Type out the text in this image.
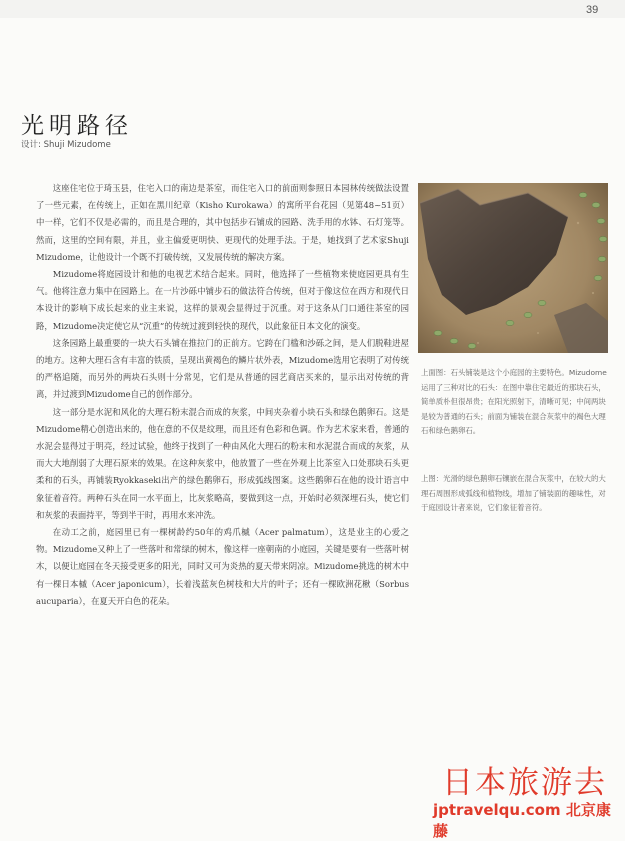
39
光明路径
设计: Shuji Mizudome

这座住宅位于琦玉县，住宅入口的南边是茶室，而住宅入口的前面则参照日本园林传统做法设置了一些元素，在传统上，正如在黑川纪章（Kisho Kurokawa）的寓所平台花园（见第48~51页）中一样，它们不仅是必需的，而且是合理的，其中包括步石铺成的园路、洗手用的水钵、石灯笼等。然而，这里的空间有限，并且，业主偏爱更明快、更现代的处理手法。于是，她找到了艺术家Shuji Mizudome，让他设计一个既不打破传统，又发展传统的解决方案。

Mizudome将庭园设计和他的电视艺术结合起来。同时，他选择了一些植物来使庭园更具有生气。他将注意力集中在园路上。在一片沙砾中铺步石的做法符合传统，但对于像这位在西方和现代日本设计的影响下成长起来的业主来说，这样的景观会显得过于沉重。对于这条从门口通往茶室的园路，Mizudome决定使它从“沉重”的传统过渡到轻快的现代，以此象征日本文化的演变。

这条园路上最重要的一块大石头铺在推拉门的正前方。它跨在门槛和沙砾之间，是人们脱鞋进屋的地方。这种大理石含有丰富的铁质，呈现出黄褐色的鳞片状外表，Mizudome选用它表明了对传统的严格追随，而另外的两块石头则十分常见，它们是从普通的园艺商店买来的，显示出对传统的背离，并过渡到Mizudome自己的创作部分。

这一部分是水泥和风化的大理石粉末混合而成的灰浆，中间夹杂着小块石头和绿色鹅卵石。这是Mizudome精心创造出来的，他在意的不仅是纹理，而且还有色彩和色调。作为艺术家来看，普通的水泥会显得过于明亮，经过试验，他终于找到了一种由风化大理石的粉末和水泥混合而成的灰浆，从而大大地削弱了大理石原来的效果。在这种灰浆中，他放置了一些在外观上比茶室入口处那块石头更柔和的石头，再铺装Ryokkaseki出产的绿色鹅卵石，形成弧线图案。这些鹅卵石在他的设计语言中象征着音符。两种石头在同一水平面上，比灰浆略高，要做到这一点，开始时必须深埋石头，使它们和灰浆的表面持平，等到半干时，再用水来冲洗。

在动工之前，庭园里已有一棵树龄约50年的鸡爪槭（Acer palmatum），这是业主的心爱之物。Mizudome又种上了一些落叶和常绿的树木，像这样一座朝南的小庭园，关键是要有一些落叶树木，以便让庭园在冬天接受更多的阳光，同时又可为炎热的夏天带来阴凉。Mizudome挑选的树木中有一棵日本槭（Acer japonicum），长着浅蓝灰色树枝和大片的叶子；还有一棵欧洲花楸（Sorbus aucuparia），在夏天开白色的花朵。

上面图：石头铺装是这个小庭园的主要特色。Mizudome运用了三种对比的石头：在图中靠住宅最近的那块石头，简单质朴但很昂贵；在阳光照射下，清晰可见；中间两块是较为普通的石头；前面为铺装在混合灰浆中的褐色大理石和绿色鹅卵石。
上图：光滑的绿色鹅卵石镶嵌在混合灰浆中，在较大的大理石周围形成弧线和植物线，增加了铺装面的趣味性，对于庭园设计者来说，它们象征着音符。
日本旅游去
jptravelqu.com 北京康藤
